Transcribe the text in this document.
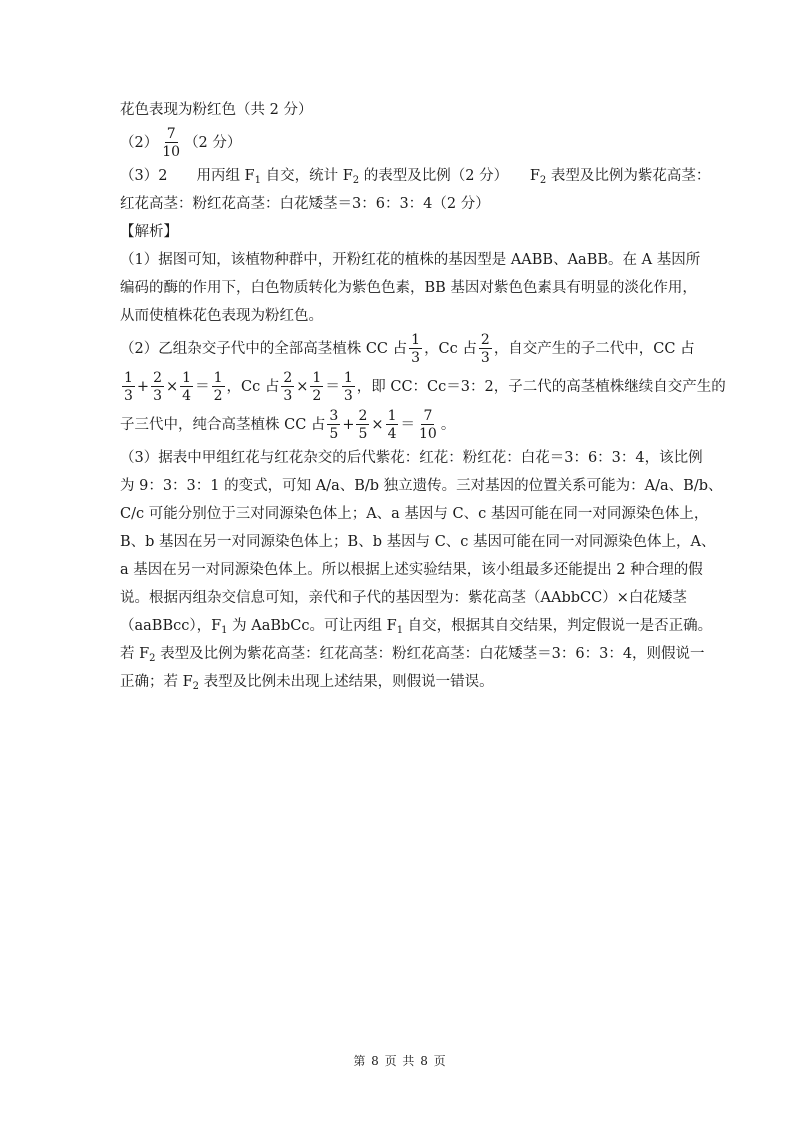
花色表现为粉红色（共 2 分）
$(2) \frac{7}{10} (2$ 分）
（3）2　　用丙组 $F_1$ 自交，统计 $F_2$ 的表型及比例（2 分）　　$F_2$ 表型及比例为紫花高茎：
红花高茎：粉红花高茎：白花矮茎＝3：6：3：4（2 分）
【解析】
（1）据图可知，该植物种群中，开粉红花的植株的基因型是 AABB、AaBB。在 A 基因所
编码的酶的作用下，白色物质转化为紫色色素，BB 基因对紫色色素具有明显的淡化作用，
从而使植株花色表现为粉红色。
（2）乙组杂交子代中的全部高茎植株 CC 占 $\frac{1}{3}$ ，Cc 占 $\frac{2}{3}$ ，自交产生的子二代中，CC 占
$\frac{1}{3} + \frac{2}{3} \times \frac{1}{4} = \frac{1}{2}$ ，Cc 占 $\frac{2}{3} \times \frac{1}{2} = \frac{1}{3}$ ，即 CC：Cc＝3：2，子二代的高茎植株继续自交产生的
子三代中，纯合高茎植株 CC 占 $\frac{3}{5} + \frac{2}{5} \times \frac{1}{4} = \frac{7}{10}$ 。
（3）据表中甲组红花与红花杂交的后代紫花：红花：粉红花：白花＝3：6：3：4，该比例
为 9：3：3：1 的变式，可知 A/a、B/b 独立遗传。三对基因的位置关系可能为：A/a、B/b、
C/c 可能分别位于三对同源染色体上；A、a 基因与 C、c 基因可能在同一对同源染色体上，
B、b 基因在另一对同源染色体上；B、b 基因与 C、c 基因可能在同一对同源染色体上，A、
a 基因在另一对同源染色体上。所以根据上述实验结果，该小组最多还能提出 2 种合理的假
说。根据丙组杂交信息可知，亲代和子代的基因型为：紫花高茎（AAbbCC）×白花矮茎
（aaBBcc），$F_1$ 为 AaBbCc。可让丙组 $F_1$ 自交，根据其自交结果，判定假说一是否正确。
若 $F_2$ 表型及比例为紫花高茎：红花高茎：粉红花高茎：白花矮茎＝3：6：3：4，则假说一
正确；若 $F_2$ 表型及比例未出现上述结果，则假说一错误。
第 8 页 共 8 页
